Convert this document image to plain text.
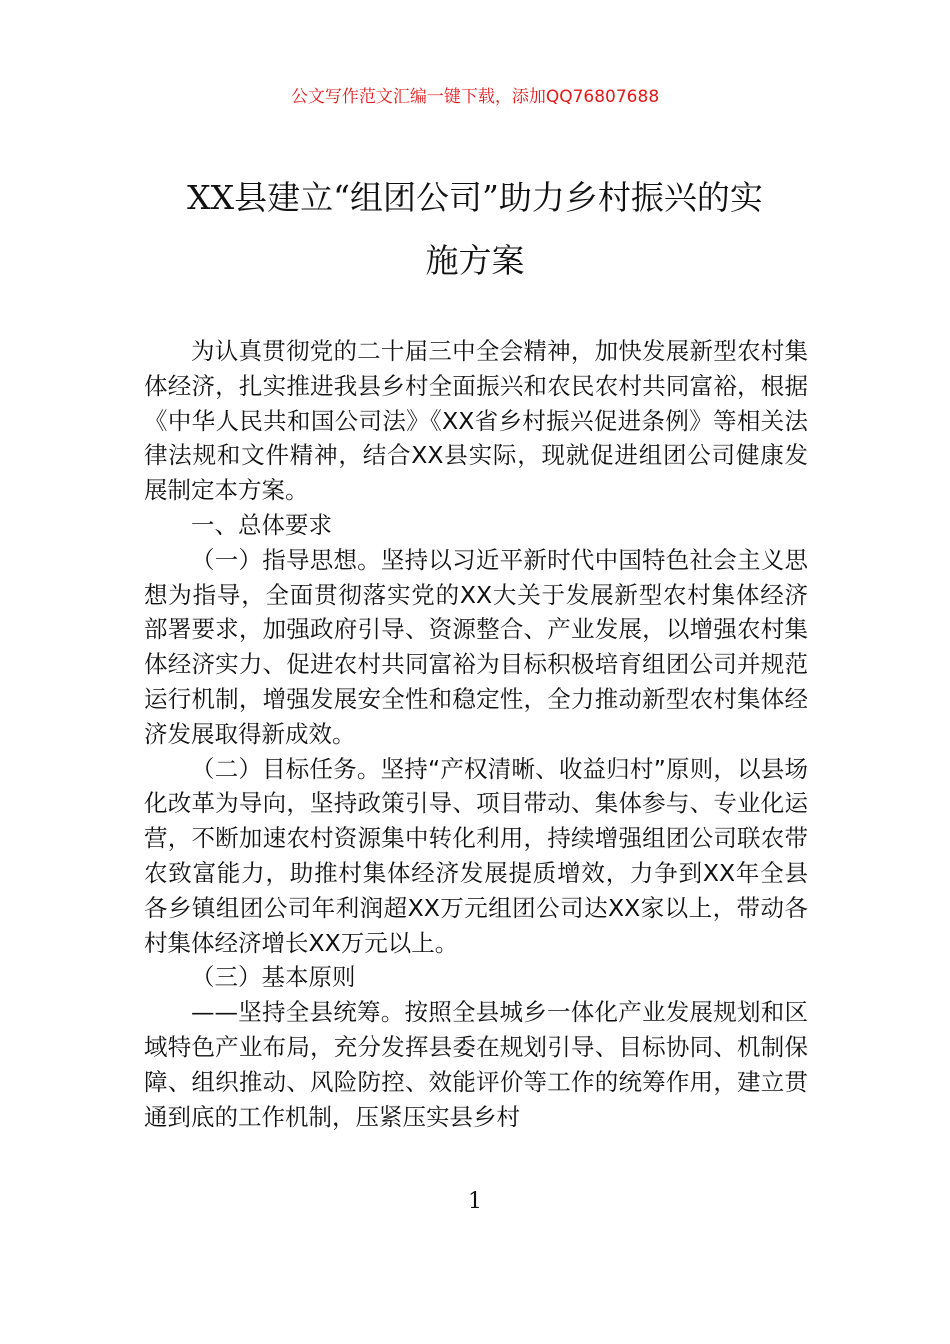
公文写作范文汇编一键下载，添加QQ76807688
XX县建立“组团公司”助力乡村振兴的实
施方案

为认真贯彻党的二十届三中全会精神，加快发展新型农村集体经济，扎实推进我县乡村全面振兴和农民农村共同富裕，根据《中华人民共和国公司法》《XX省乡村振兴促进条例》等相关法律法规和文件精神，结合XX县实际，现就促进组团公司健康发展制定本方案。

一、总体要求

（一）指导思想。坚持以习近平新时代中国特色社会主义思想为指导，全面贯彻落实党的XX大关于发展新型农村集体经济部署要求，加强政府引导、资源整合、产业发展，以增强农村集体经济实力、促进农村共同富裕为目标积极培育组团公司并规范运行机制，增强发展安全性和稳定性，全力推动新型农村集体经济发展取得新成效。

（二）目标任务。坚持“产权清晰、收益归村”原则，以县场化改革为导向，坚持政策引导、项目带动、集体参与、专业化运营，不断加速农村资源集中转化利用，持续增强组团公司联农带农致富能力，助推村集体经济发展提质增效，力争到XX年全县各乡镇组团公司年利润超XX万元组团公司达XX家以上，带动各村集体经济增长XX万元以上。

（三）基本原则

——坚持全县统筹。按照全县城乡一体化产业发展规划和区域特色产业布局，充分发挥县委在规划引导、目标协同、机制保障、组织推动、风险防控、效能评价等工作的统筹作用，建立贯通到底的工作机制，压紧压实县乡村

1
